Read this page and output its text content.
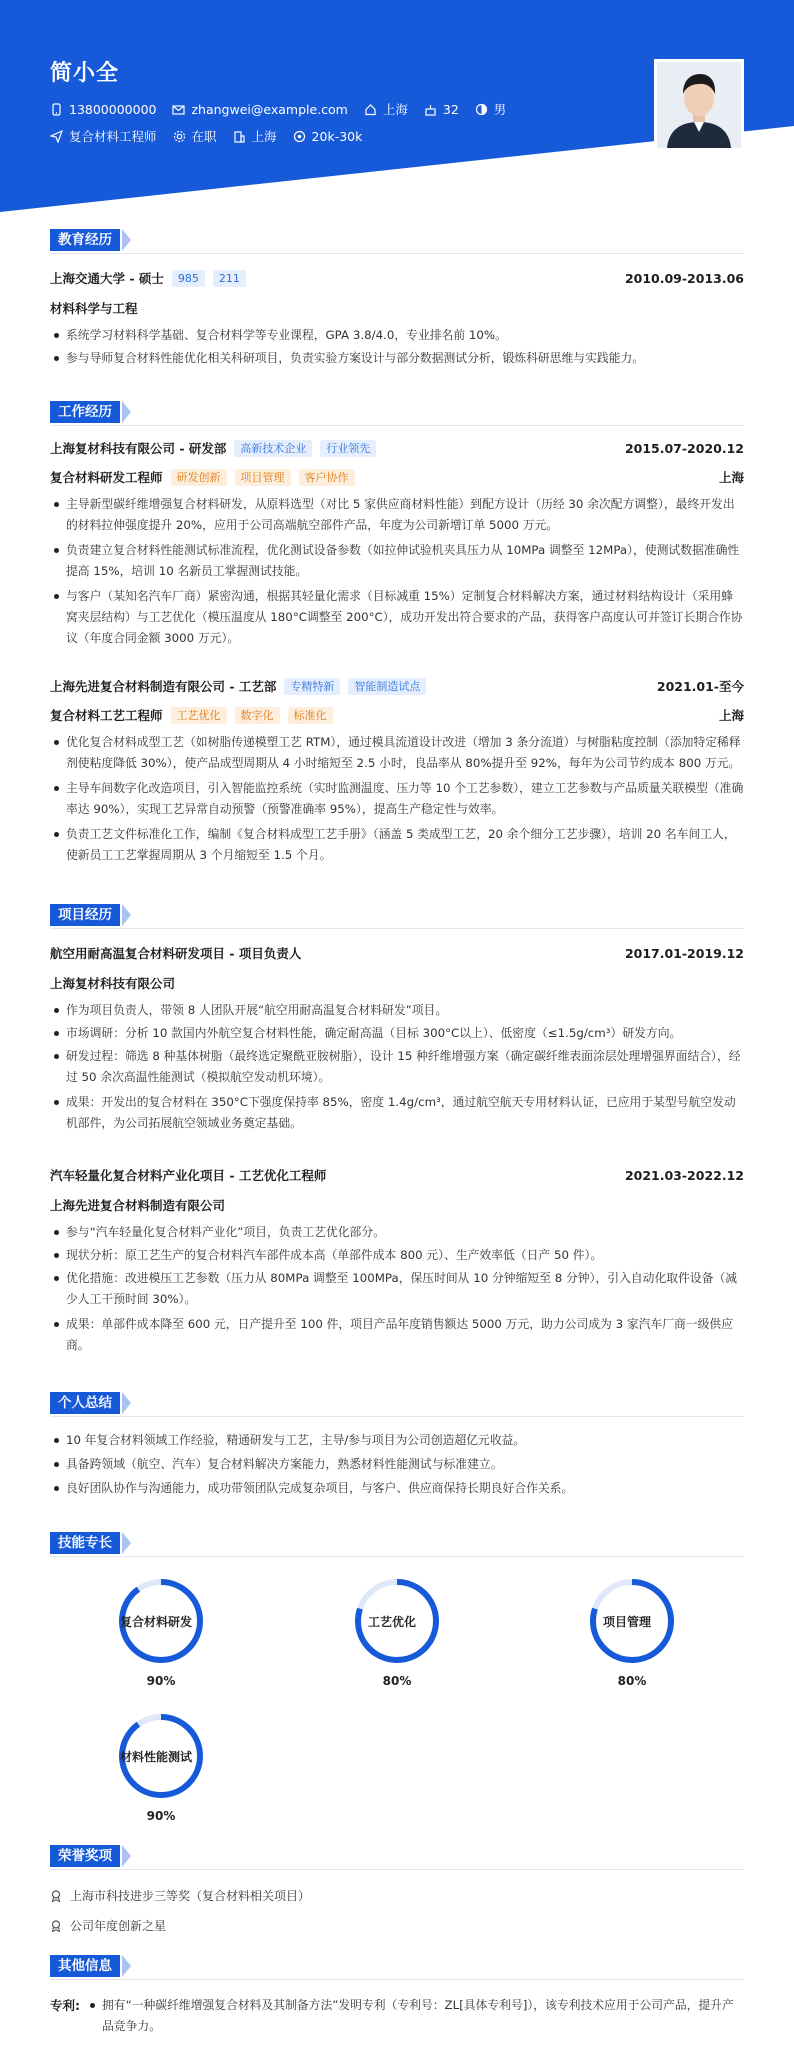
简小全
13800000000	zhangwei@example.com	上海	32	男
复合材料工程师	在职	上海	20k-30k
教育经历
上海交通大学 - 硕士	985	211	2010.09-2013.06
材料科学与工程
系统学习材料科学基础、复合材料学等专业课程，GPA 3.8/4.0，专业排名前 10%。
参与导师复合材料性能优化相关科研项目，负责实验方案设计与部分数据测试分析，锻炼科研思维与实践能力。
工作经历
上海复材科技有限公司 - 研发部	高新技术企业	行业领先	2015.07-2020.12
复合材料研发工程师	研发创新	项目管理	客户协作	上海
主导新型碳纤维增强复合材料研发，从原料选型（对比 5 家供应商材料性能）到配方设计（历经 30 余次配方调整），最终开发出的材料拉伸强度提升 20%，应用于公司高端航空部件产品，年度为公司新增订单 5000 万元。
负责建立复合材料性能测试标准流程，优化测试设备参数（如拉伸试验机夹具压力从 10MPa 调整至 12MPa），使测试数据准确性提高 15%，培训 10 名新员工掌握测试技能。
与客户（某知名汽车厂商）紧密沟通，根据其轻量化需求（目标减重 15%）定制复合材料解决方案，通过材料结构设计（采用蜂窝夹层结构）与工艺优化（模压温度从 180°C调整至 200°C），成功开发出符合要求的产品，获得客户高度认可并签订长期合作协议（年度合同金额 3000 万元）。
上海先进复合材料制造有限公司 - 工艺部	专精特新	智能制造试点	2021.01-至今
复合材料工艺工程师	工艺优化	数字化	标准化	上海
优化复合材料成型工艺（如树脂传递模塑工艺 RTM），通过模具流道设计改进（增加 3 条分流道）与树脂粘度控制（添加特定稀释剂使粘度降低 30%），使产品成型周期从 4 小时缩短至 2.5 小时，良品率从 80%提升至 92%，每年为公司节约成本 800 万元。
主导车间数字化改造项目，引入智能监控系统（实时监测温度、压力等 10 个工艺参数），建立工艺参数与产品质量关联模型（准确率达 90%），实现工艺异常自动预警（预警准确率 95%），提高生产稳定性与效率。
负责工艺文件标准化工作，编制《复合材料成型工艺手册》（涵盖 5 类成型工艺，20 余个细分工艺步骤），培训 20 名车间工人，使新员工工艺掌握周期从 3 个月缩短至 1.5 个月。
项目经历
航空用耐高温复合材料研发项目 - 项目负责人	2017.01-2019.12
上海复材科技有限公司
作为项目负责人，带领 8 人团队开展“航空用耐高温复合材料研发”项目。
市场调研：分析 10 款国内外航空复合材料性能，确定耐高温（目标 300°C以上）、低密度（≤1.5g/cm³）研发方向。
研发过程：筛选 8 种基体树脂（最终选定聚酰亚胺树脂），设计 15 种纤维增强方案（确定碳纤维表面涂层处理增强界面结合），经过 50 余次高温性能测试（模拟航空发动机环境）。
成果：开发出的复合材料在 350°C下强度保持率 85%，密度 1.4g/cm³，通过航空航天专用材料认证，已应用于某型号航空发动机部件，为公司拓展航空领域业务奠定基础。
汽车轻量化复合材料产业化项目 - 工艺优化工程师	2021.03-2022.12
上海先进复合材料制造有限公司
参与“汽车轻量化复合材料产业化”项目，负责工艺优化部分。
现状分析：原工艺生产的复合材料汽车部件成本高（单部件成本 800 元）、生产效率低（日产 50 件）。
优化措施：改进模压工艺参数（压力从 80MPa 调整至 100MPa，保压时间从 10 分钟缩短至 8 分钟），引入自动化取件设备（减少人工干预时间 30%）。
成果：单部件成本降至 600 元，日产提升至 100 件，项目产品年度销售额达 5000 万元，助力公司成为 3 家汽车厂商一级供应商。
个人总结
10 年复合材料领域工作经验，精通研发与工艺，主导/参与项目为公司创造超亿元收益。
具备跨领域（航空、汽车）复合材料解决方案能力，熟悉材料性能测试与标准建立。
良好团队协作与沟通能力，成功带领团队完成复杂项目，与客户、供应商保持长期良好合作关系。
技能专长
复合材料研发
90%
工艺优化
80%
项目管理
80%
材料性能测试
90%
荣誉奖项
上海市科技进步三等奖（复合材料相关项目）
公司年度创新之星
其他信息
专利:	拥有“一种碳纤维增强复合材料及其制备方法”发明专利（专利号：ZL[具体专利号]），该专利技术应用于公司产品，提升产品竞争力。
